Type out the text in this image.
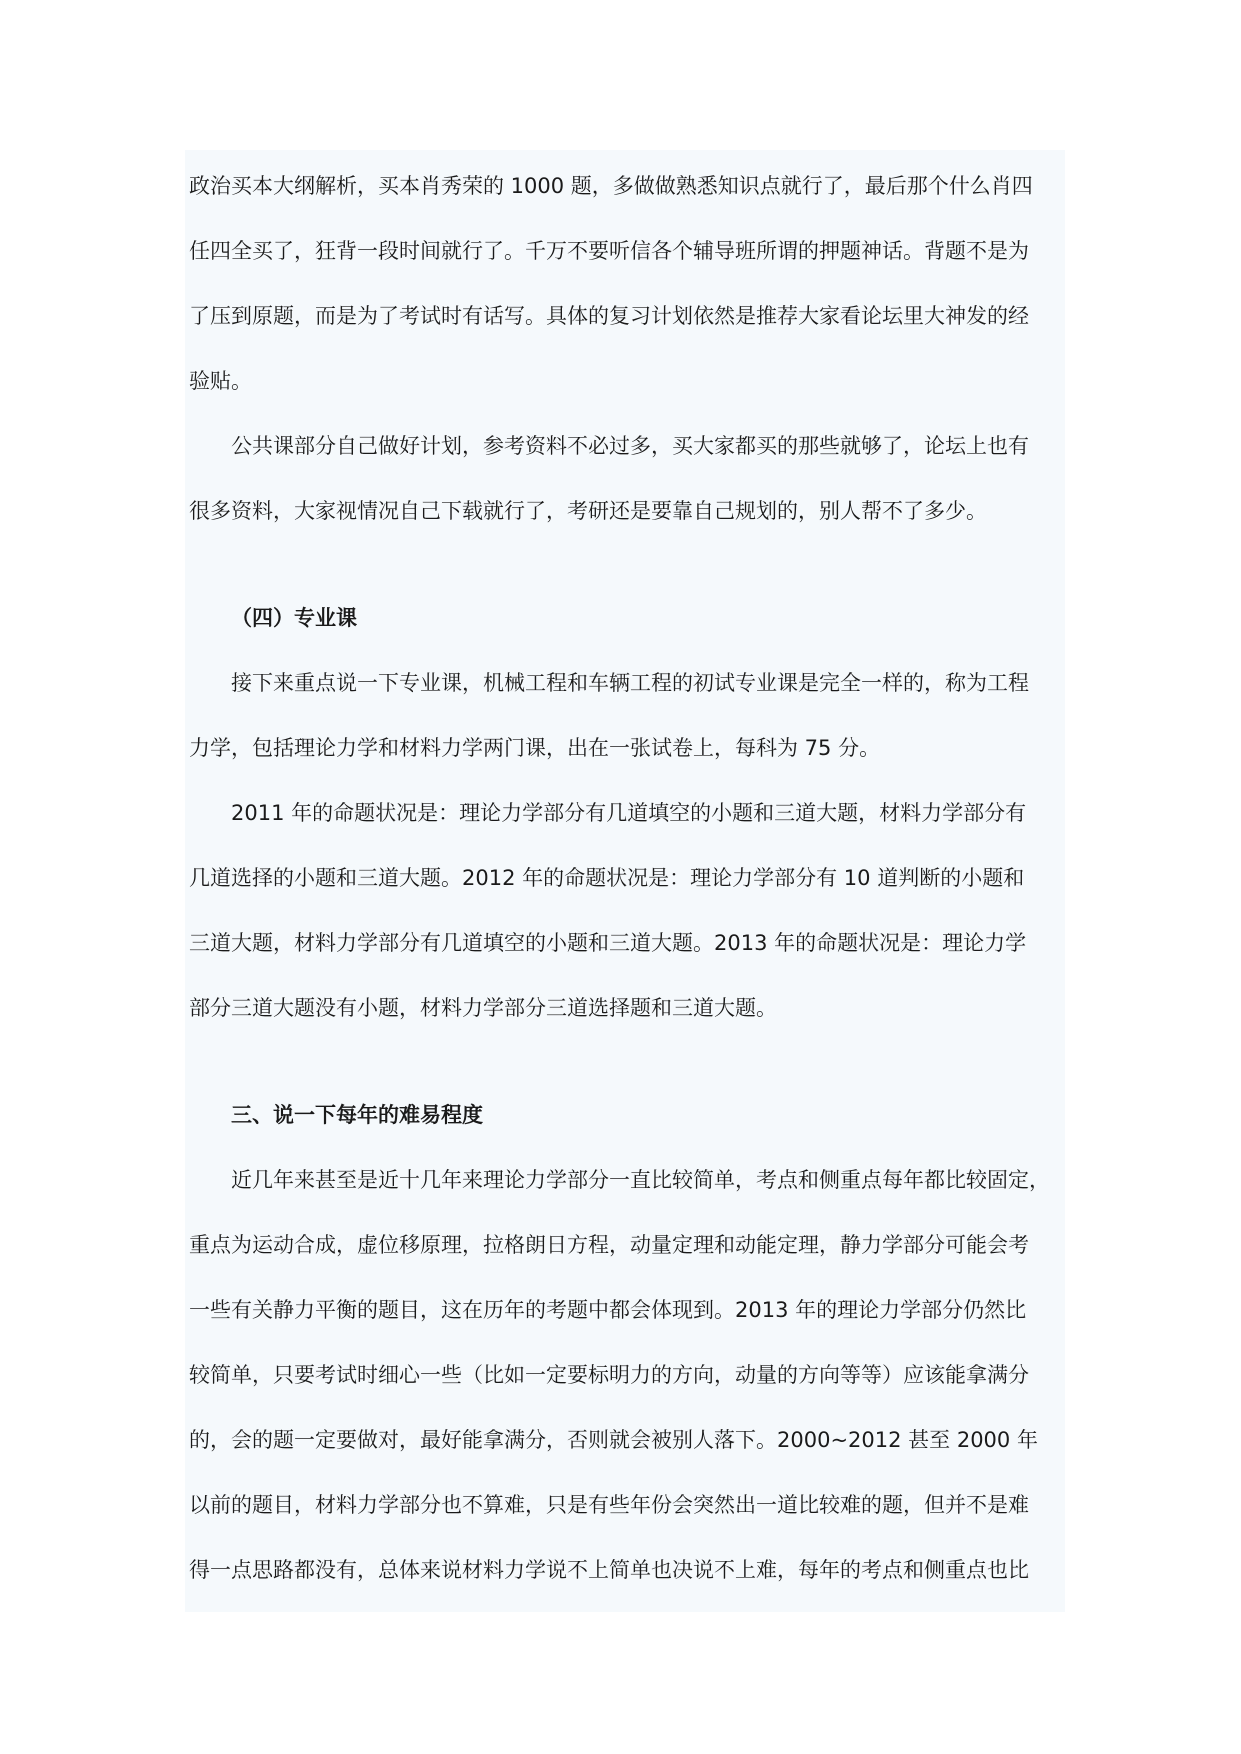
政治买本大纲解析，买本肖秀荣的 1000 题，多做做熟悉知识点就行了，最后那个什么肖四
任四全买了，狂背一段时间就行了。千万不要听信各个辅导班所谓的押题神话。背题不是为
了压到原题，而是为了考试时有话写。具体的复习计划依然是推荐大家看论坛里大神发的经
验贴。
公共课部分自己做好计划，参考资料不必过多，买大家都买的那些就够了，论坛上也有
很多资料，大家视情况自己下载就行了，考研还是要靠自己规划的，别人帮不了多少。
（四）专业课
接下来重点说一下专业课，机械工程和车辆工程的初试专业课是完全一样的，称为工程
力学，包括理论力学和材料力学两门课，出在一张试卷上，每科为 75 分。
2011 年的命题状况是：理论力学部分有几道填空的小题和三道大题，材料力学部分有
几道选择的小题和三道大题。2012 年的命题状况是：理论力学部分有 10 道判断的小题和
三道大题，材料力学部分有几道填空的小题和三道大题。2013 年的命题状况是：理论力学
部分三道大题没有小题，材料力学部分三道选择题和三道大题。
三、说一下每年的难易程度
近几年来甚至是近十几年来理论力学部分一直比较简单，考点和侧重点每年都比较固定，
重点为运动合成，虚位移原理，拉格朗日方程，动量定理和动能定理，静力学部分可能会考
一些有关静力平衡的题目，这在历年的考题中都会体现到。2013 年的理论力学部分仍然比
较简单，只要考试时细心一些（比如一定要标明力的方向，动量的方向等等）应该能拿满分
的，会的题一定要做对，最好能拿满分，否则就会被别人落下。2000~2012 甚至 2000 年
以前的题目，材料力学部分也不算难，只是有些年份会突然出一道比较难的题，但并不是难
得一点思路都没有，总体来说材料力学说不上简单也决说不上难，每年的考点和侧重点也比
